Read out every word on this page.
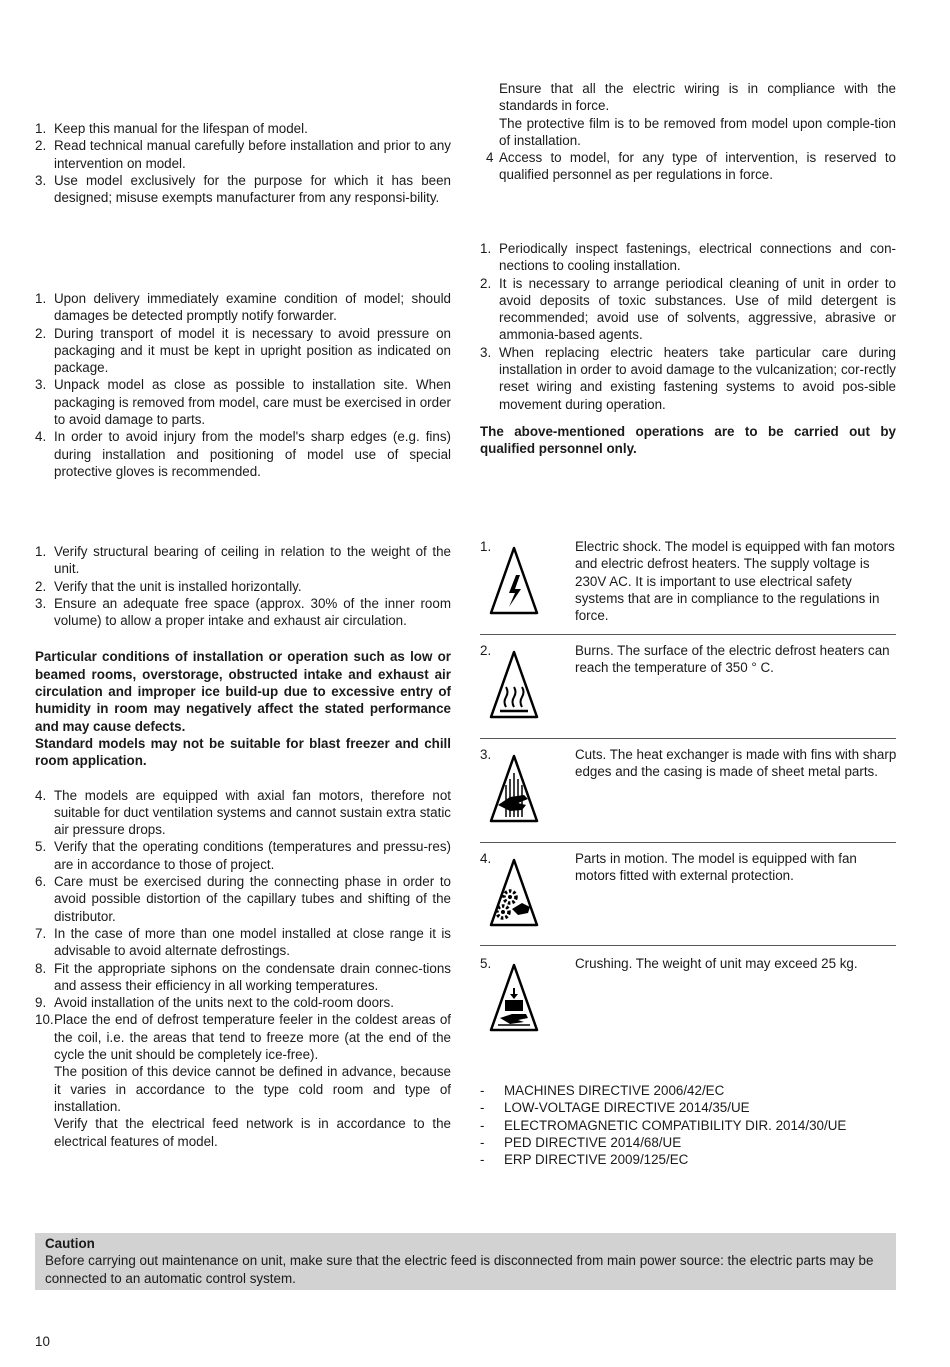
1. Keep this manual for the lifespan of model.
2. Read technical manual carefully before installation and prior to any intervention on model.
3. Use model exclusively for the purpose for which it has been designed; misuse exempts manufacturer from any responsi-bility.
1. Upon delivery immediately examine condition of model; should damages be detected promptly notify forwarder.
2. During transport of model it is necessary to avoid pressure on packaging and it must be kept in upright position as indicated on package.
3. Unpack model as close as possible to installation site. When packaging is removed from model, care must be exercised in order to avoid damage to parts.
4. In order to avoid injury from the model's sharp edges (e.g. fins) during installation and positioning of model use of special protective gloves is recommended.
1. Verify structural bearing of ceiling in relation to the weight of the unit.
2. Verify that the unit is installed horizontally.
3. Ensure an adequate free space (approx. 30% of the inner room volume) to allow a proper intake and exhaust air circulation.
Particular conditions of installation or operation such as low or beamed rooms, overstorage, obstructed intake and exhaust air circulation and improper ice build-up due to excessive entry of humidity in room may negatively affect the stated performance and may cause defects.
Standard models may not be suitable for blast freezer and chill room application.
4. The models are equipped with axial fan motors, therefore not suitable for duct ventilation systems and cannot sustain extra static air pressure drops.
5. Verify that the operating conditions (temperatures and pressu-res) are in accordance to those of project.
6. Care must be exercised during the connecting phase in order to avoid possible distortion of the capillary tubes and shifting of the distributor.
7. In the case of more than one model installed at close range it is advisable to avoid alternate defrostings.
8. Fit the appropriate siphons on the condensate drain connec-tions and assess their efficiency in all working temperatures.
9. Avoid installation of the units next to the cold-room doors.
10. Place the end of defrost temperature feeler in the coldest areas of the coil, i.e. the areas that tend to freeze more (at the end of the cycle the unit should be completely ice-free).
The position of this device cannot be defined in advance, because it varies in accordance to the type cold room and type of installation.
Verify that the electrical feed network is in accordance to the electrical features of model.
Ensure that all the electric wiring is in compliance with the standards in force.
The protective film is to be removed from model upon comple-tion of installation.
4 Access to model, for any type of intervention, is reserved to qualified personnel as per regulations in force.
1. Periodically inspect fastenings, electrical connections and con-nections to cooling installation.
2. It is necessary to arrange periodical cleaning of unit in order to avoid deposits of toxic substances. Use of mild detergent is recommended; avoid use of solvents, aggressive, abrasive or ammonia-based agents.
3. When replacing electric heaters take particular care during installation in order to avoid damage to the vulcanization; cor-rectly reset wiring and existing fastening systems to avoid pos-sible movement during operation.
The above-mentioned operations are to be carried out by qualified personnel only.
1.	Electric shock. The model is equipped with fan motors and electric defrost heaters. The supply voltage is 230V AC. It is important to use electrical safety systems that are in compliance to the regulations in force.
2.	Burns. The surface of the electric defrost heaters can reach the temperature of 350 ° C.
3.	Cuts. The heat exchanger is made with fins with sharp edges and the casing is made of sheet metal parts.
4.	Parts in motion. The model is equipped with fan motors fitted with external protection.
5.	Crushing. The weight of unit may exceed 25 kg.
- MACHINES DIRECTIVE 2006/42/EC
- LOW-VOLTAGE DIRECTIVE 2014/35/UE
- ELECTROMAGNETIC COMPATIBILITY DIR. 2014/30/UE
- PED DIRECTIVE 2014/68/UE
- ERP DIRECTIVE 2009/125/EC
Caution
Before carrying out maintenance on unit, make sure that the electric feed is disconnected from main power source: the electric parts may be connected to an automatic control system.
10
